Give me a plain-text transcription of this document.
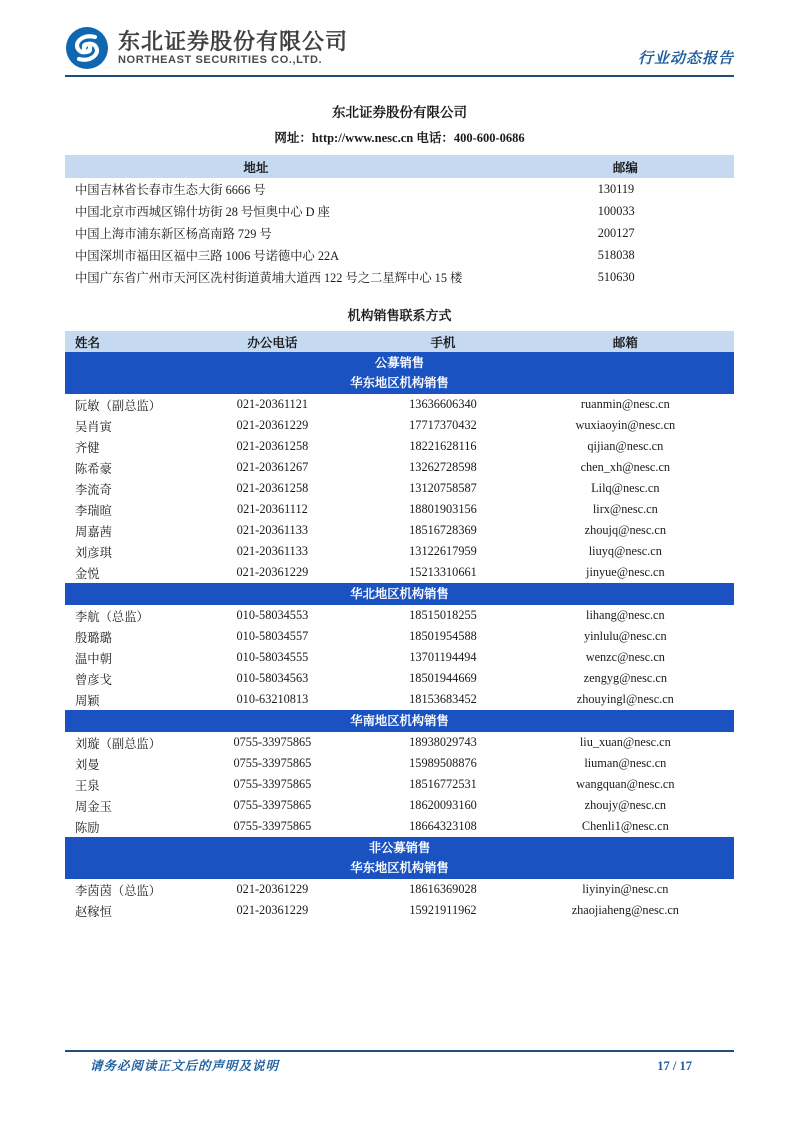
东北证券股份有限公司
NORTHEAST SECURITIES CO.,LTD.	行业动态报告
东北证券股份有限公司
网址：http://www.nesc.cn 电话：400-600-0686
地址	邮编
中国吉林省长春市生态大街 6666 号	130119
中国北京市西城区锦什坊街 28 号恒奥中心 D 座	100033
中国上海市浦东新区杨高南路 729 号	200127
中国深圳市福田区福中三路 1006 号诺德中心 22A	518038
中国广东省广州市天河区冼村街道黄埔大道西 122 号之二星辉中心 15 楼	510630
机构销售联系方式
姓名	办公电话	手机	邮箱

公募销售
华东地区机构销售			

阮敏（副总监）	021-20361121	13636606340	ruanmin@nesc.cn
吴肖寅	021-20361229	17717370432	wuxiaoyin@nesc.cn
齐健	021-20361258	18221628116	qijian@nesc.cn
陈希豪	021-20361267	13262728598	chen_xh@nesc.cn
李流奇	021-20361258	13120758587	Lilq@nesc.cn
李瑞暄	021-20361112	18801903156	lirx@nesc.cn
周嘉茜	021-20361133	18516728369	zhoujq@nesc.cn
刘彦琪	021-20361133	13122617959	liuyq@nesc.cn
金悦	021-20361229	15213310661	jinyue@nesc.cn

华北地区机构销售			

李航（总监）	010-58034553	18515018255	lihang@nesc.cn
殷璐璐	010-58034557	18501954588	yinlulu@nesc.cn
温中朝	010-58034555	13701194494	wenzc@nesc.cn
曾彦戈	010-58034563	18501944669	zengyg@nesc.cn
周颖	010-63210813	18153683452	zhouyingl@nesc.cn

华南地区机构销售			

刘璇（副总监）	0755-33975865	18938029743	liu_xuan@nesc.cn
刘曼	0755-33975865	15989508876	liuman@nesc.cn
王泉	0755-33975865	18516772531	wangquan@nesc.cn
周金玉	0755-33975865	18620093160	zhoujy@nesc.cn
陈励	0755-33975865	18664323108	Chenli1@nesc.cn

非公募销售
华东地区机构销售			

李茵茵（总监）	021-20361229	18616369028	liyinyin@nesc.cn
赵稼恒	021-20361229	15921911962	zhaojiaheng@nesc.cn
请务必阅读正文后的声明及说明	17 / 17
